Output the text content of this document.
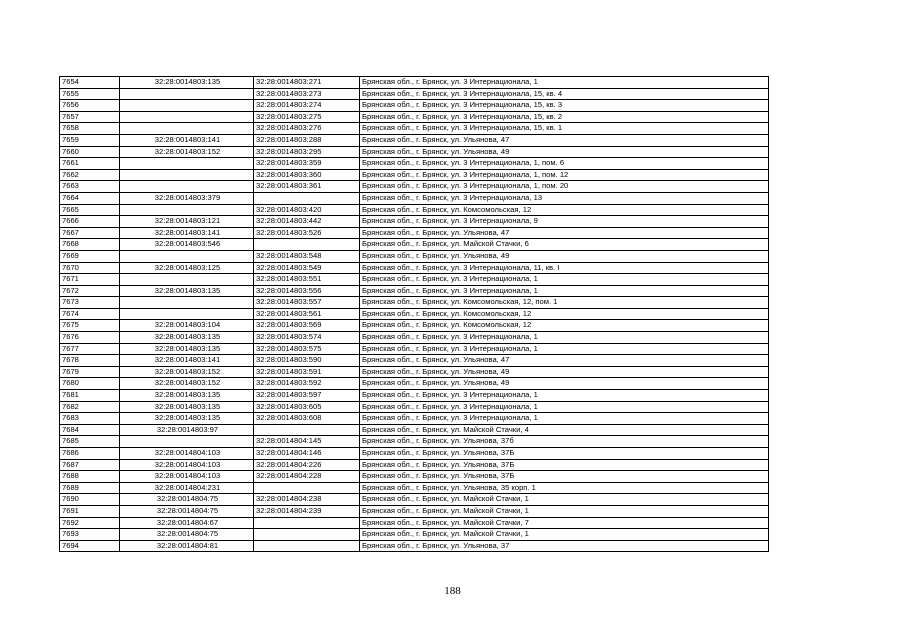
7654	32:28:0014803:135	32:28:0014803:271	Брянская обл., г. Брянск, ул. 3 Интернационала, 1
7655		32:28:0014803:273	Брянская обл., г. Брянск, ул. 3 Интернационала, 15, кв. 4
7656		32:28:0014803:274	Брянская обл., г. Брянск, ул. 3 Интернационала, 15, кв. 3
7657		32:28:0014803:275	Брянская обл., г. Брянск, ул. 3 Интернационала, 15, кв. 2
7658		32:28:0014803:276	Брянская обл., г. Брянск, ул. 3 Интернационала, 15, кв. 1
7659	32:28:0014803:141	32:28:0014803:288	Брянская обл., г. Брянск, ул. Ульянова, 47
7660	32:28:0014803:152	32:28:0014803:295	Брянская обл., г. Брянск, ул. Ульянова, 49
7661		32:28:0014803:359	Брянская обл., г. Брянск, ул. 3 Интернационала, 1, пом. 6
7662		32:28:0014803:360	Брянская обл., г. Брянск, ул. 3 Интернационала, 1, пом. 12
7663		32:28:0014803:361	Брянская обл., г. Брянск, ул. 3 Интернационала, 1, пом. 20
7664	32:28:0014803:379		Брянская обл., г. Брянск, ул. 3 Интернационала, 13
7665		32:28:0014803:420	Брянская обл., г. Брянск, ул. Комсомольская, 12
7666	32:28:0014803:121	32:28:0014803:442	Брянская обл., г. Брянск, ул. 3 Интернационала, 9
7667	32:28:0014803:141	32:28:0014803:526	Брянская обл., г. Брянск, ул. Ульянова, 47
7668	32:28:0014803:546		Брянская обл., г. Брянск, ул. Майской Стачки, 6
7669		32:28:0014803:548	Брянская обл., г. Брянск, ул. Ульянова, 49
7670	32:28:0014803:125	32:28:0014803:549	Брянская обл., г. Брянск, ул. 3 Интернационала, 11, кв. I
7671		32:28:0014803:551	Брянская обл., г. Брянск, ул. 3 Интернационала, 1
7672	32:28:0014803:135	32:28:0014803:556	Брянская обл., г. Брянск, ул. 3 Интернационала, 1
7673		32:28:0014803:557	Брянская обл., г. Брянск, ул. Комсомольская, 12, пом. 1
7674		32:28:0014803:561	Брянская обл., г. Брянск, ул. Комсомольская, 12
7675	32:28:0014803:104	32:28:0014803:569	Брянская обл., г. Брянск, ул. Комсомольская, 12
7676	32:28:0014803:135	32:28:0014803:574	Брянская обл., г. Брянск, ул. 3 Интернационала, 1
7677	32:28:0014803:135	32:28:0014803:575	Брянская обл., г. Брянск, ул. 3 Интернационала, 1
7678	32:28:0014803:141	32:28:0014803:590	Брянская обл., г. Брянск, ул. Ульянова, 47
7679	32:28:0014803:152	32:28:0014803:591	Брянская обл., г. Брянск, ул. Ульянова, 49
7680	32:28:0014803:152	32:28:0014803:592	Брянская обл., г. Брянск, ул. Ульянова, 49
7681	32:28:0014803:135	32:28:0014803:597	Брянская обл., г. Брянск, ул. 3 Интернационала, 1
7682	32:28:0014803:135	32:28:0014803:605	Брянская обл., г. Брянск, ул. 3 Интернационала, 1
7683	32:28:0014803:135	32:28:0014803:608	Брянская обл., г. Брянск, ул. 3 Интернационала, 1
7684	32:28:0014803:97		Брянская обл., г. Брянск, ул. Майской Стачки, 4
7685		32:28:0014804:145	Брянская обл., г. Брянск, ул. Ульянова, 37б
7686	32:28:0014804:103	32:28:0014804:146	Брянская обл., г. Брянск, ул. Ульянова, 37Б
7687	32:28:0014804:103	32:28:0014804:226	Брянская обл., г. Брянск, ул. Ульянова, 37Б
7688	32:28:0014804:103	32:28:0014804:228	Брянская обл., г. Брянск, ул. Ульянова, 37Б
7689	32:28:0014804:231		Брянская обл., г. Брянск, ул. Ульянова, 35 корп. 1
7690	32:28:0014804:75	32:28:0014804:238	Брянская обл., г. Брянск, ул. Майской Стачки, 1
7691	32:28:0014804:75	32:28:0014804:239	Брянская обл., г. Брянск, ул. Майской Стачки, 1
7692	32:28:0014804:67		Брянская обл., г. Брянск, ул. Майской Стачки, 7
7693	32:28:0014804:75		Брянская обл., г. Брянск, ул. Майской Стачки, 1
7694	32:28:0014804:81		Брянская обл., г. Брянск, ул. Ульянова, 37
188
